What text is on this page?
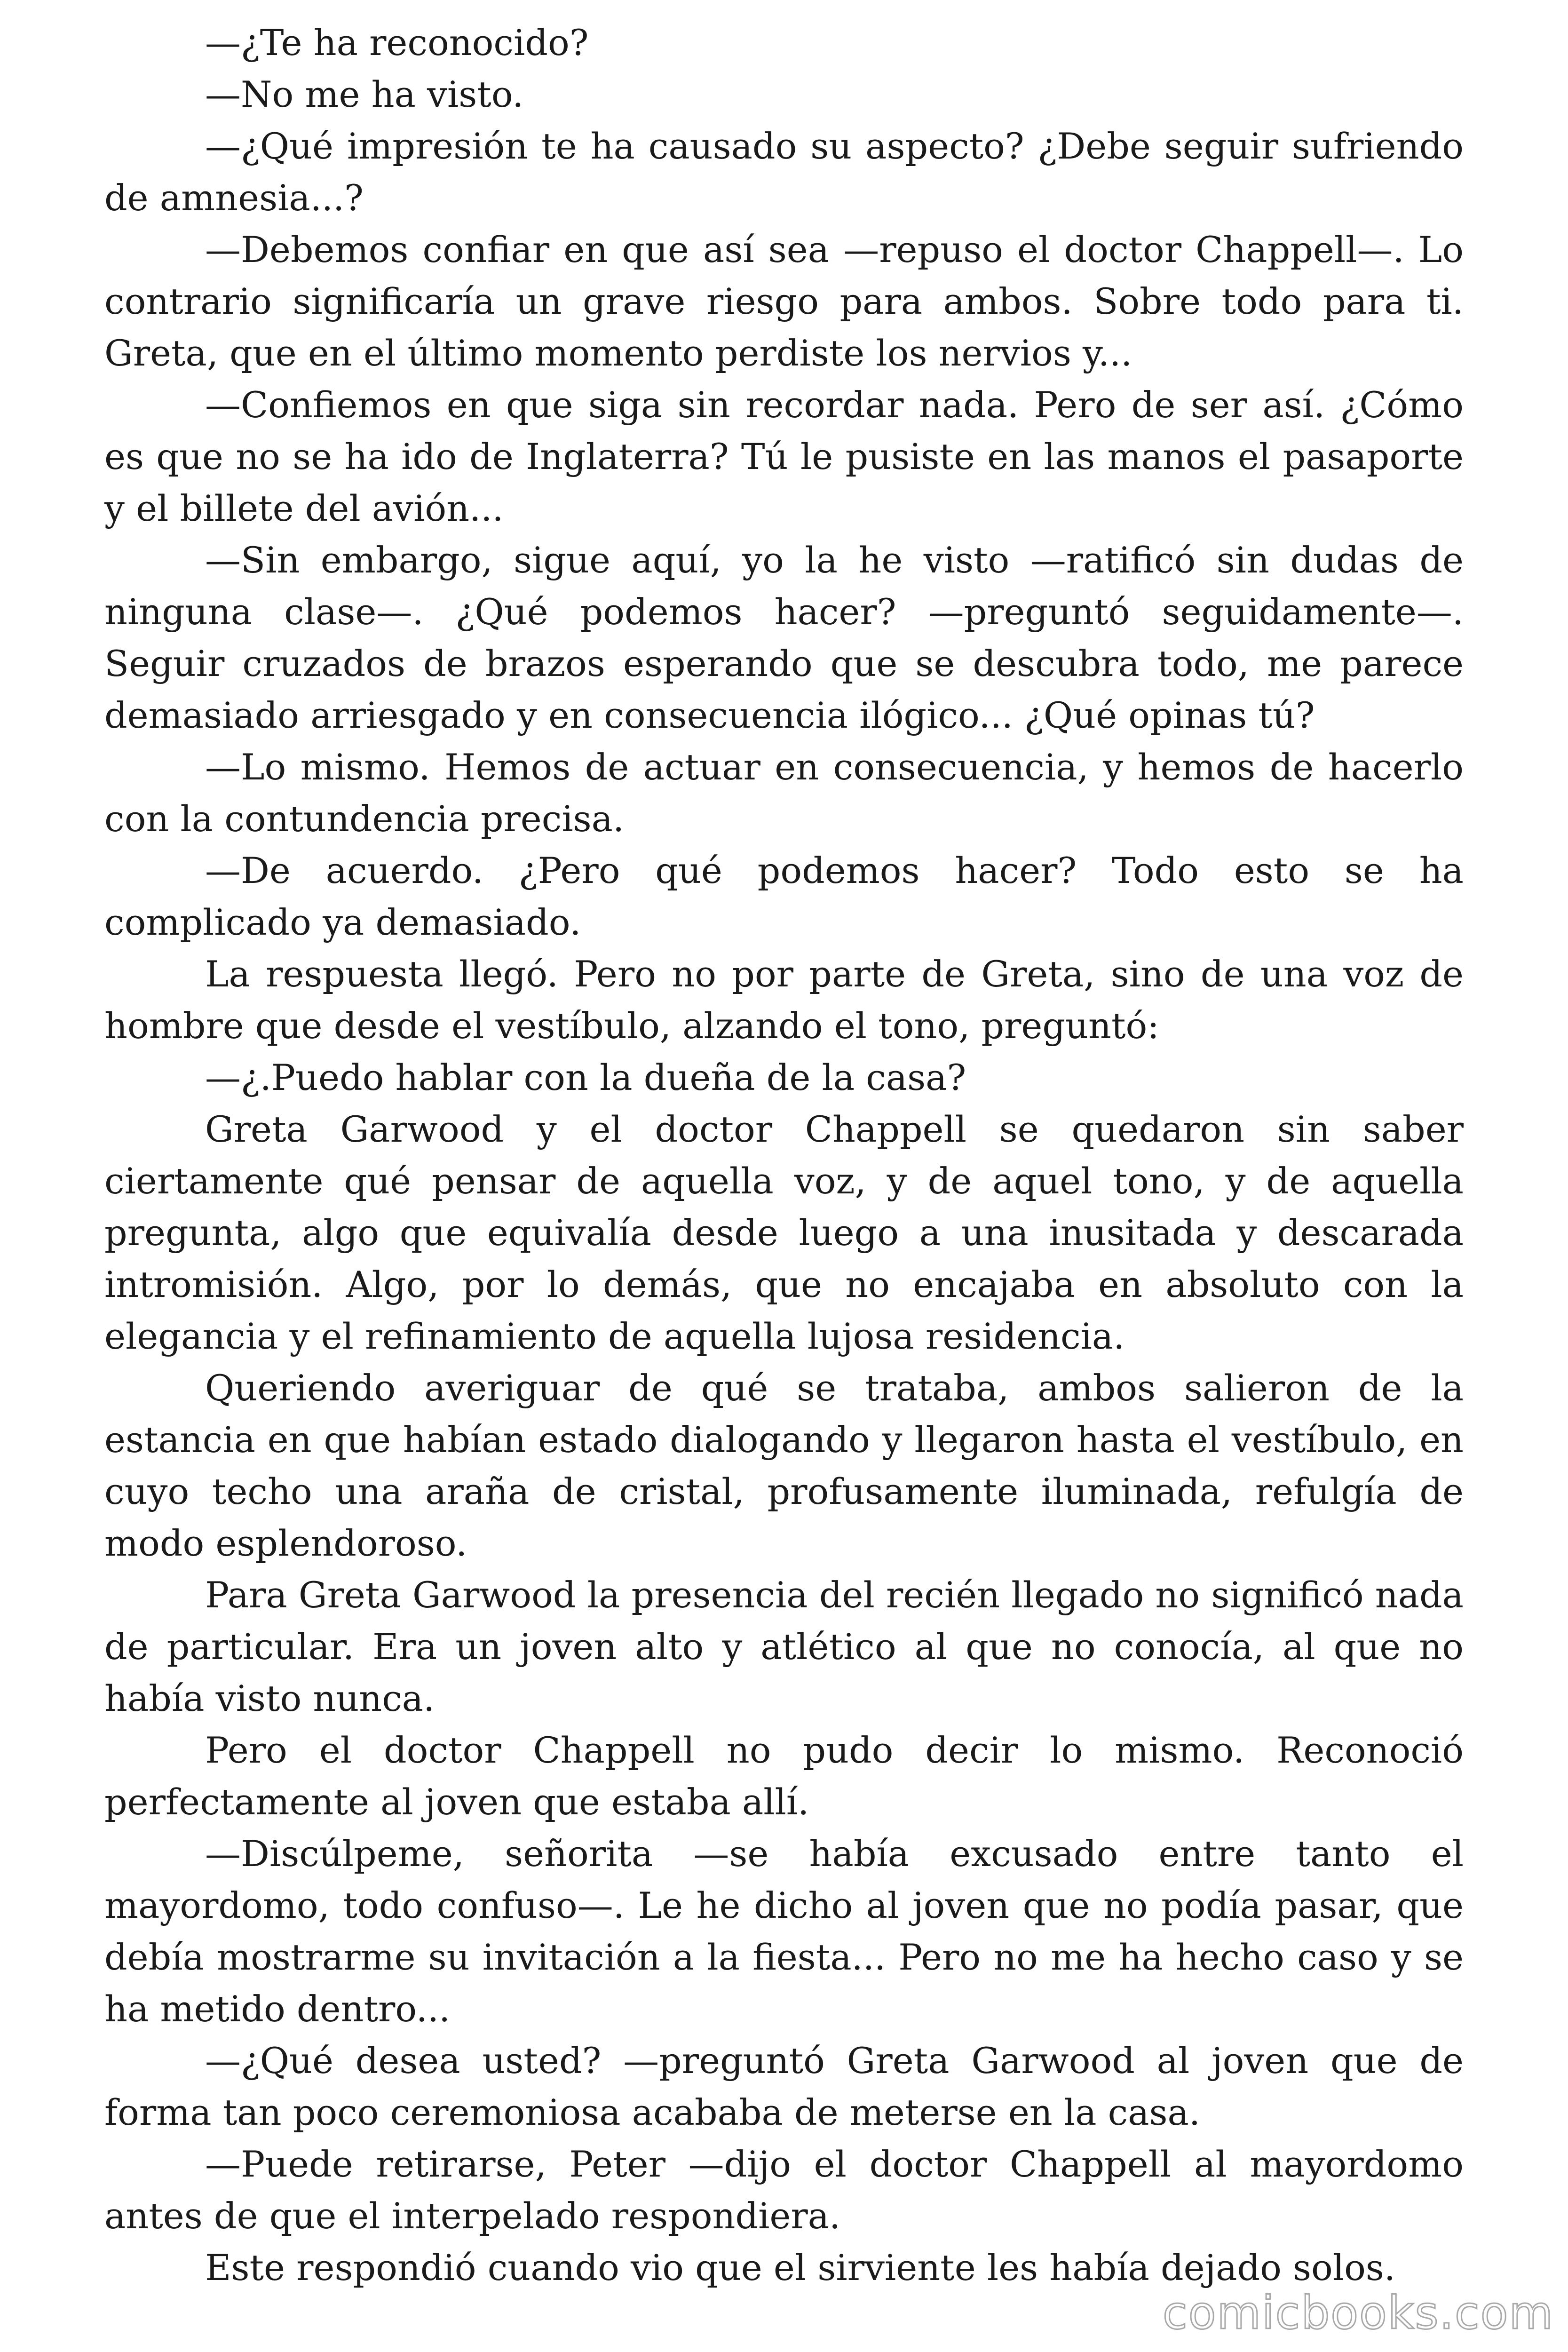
—¿Te ha reconocido?

—No me ha visto.

—¿Qué impresión te ha causado su aspecto? ¿Debe seguir sufriendo de amnesia...?

—Debemos confiar en que así sea —repuso el doctor Chappell—. Lo contrario significaría un grave riesgo para ambos. Sobre todo para ti. Greta, que en el último momento perdiste los nervios y...

—Confiemos en que siga sin recordar nada. Pero de ser así. ¿Cómo es que no se ha ido de Inglaterra? Tú le pusiste en las manos el pasaporte y el billete del avión...

—Sin embargo, sigue aquí, yo la he visto —ratificó sin dudas de ninguna clase—. ¿Qué podemos hacer? —preguntó seguidamente—. Seguir cruzados de brazos esperando que se descubra todo, me parece demasiado arriesgado y en consecuencia ilógico... ¿Qué opinas tú?

—Lo mismo. Hemos de actuar en consecuencia, y hemos de hacerlo con la contundencia precisa.

—De acuerdo. ¿Pero qué podemos hacer? Todo esto se ha complicado ya demasiado.

La respuesta llegó. Pero no por parte de Greta, sino de una voz de hombre que desde el vestíbulo, alzando el tono, preguntó:

—¿.Puedo hablar con la dueña de la casa?

Greta Garwood y el doctor Chappell se quedaron sin saber ciertamente qué pensar de aquella voz, y de aquel tono, y de aquella pregunta, algo que equivalía desde luego a una inusitada y descarada intromisión. Algo, por lo demás, que no encajaba en absoluto con la elegancia y el refinamiento de aquella lujosa residencia.

Queriendo averiguar de qué se trataba, ambos salieron de la estancia en que habían estado dialogando y llegaron hasta el vestíbulo, en cuyo techo una araña de cristal, profusamente iluminada, refulgía de modo esplendoroso.

Para Greta Garwood la presencia del recién llegado no significó nada de particular. Era un joven alto y atlético al que no conocía, al que no había visto nunca.

Pero el doctor Chappell no pudo decir lo mismo. Reconoció perfectamente al joven que estaba allí.

—Discúlpeme, señorita —se había excusado entre tanto el mayordomo, todo confuso—. Le he dicho al joven que no podía pasar, que debía mostrarme su invitación a la fiesta... Pero no me ha hecho caso y se ha metido dentro...

—¿Qué desea usted? —preguntó Greta Garwood al joven que de forma tan poco ceremoniosa acababa de meterse en la casa.

—Puede retirarse, Peter —dijo el doctor Chappell al mayordomo antes de que el interpelado respondiera.

Este respondió cuando vio que el sirviente les había dejado solos.

comicbooks.com
